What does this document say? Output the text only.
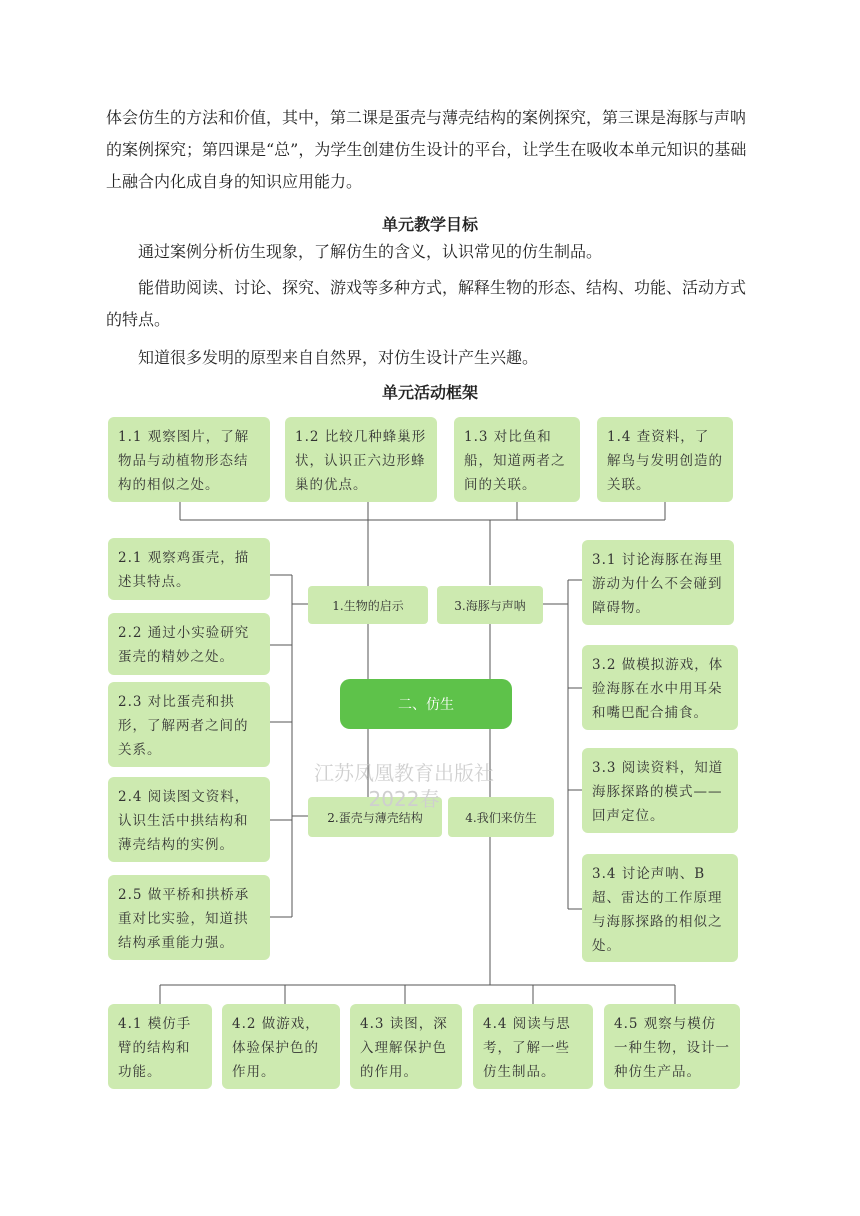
体会仿生的方法和价值，其中，第二课是蛋壳与薄壳结构的案例探究，第三课是海豚与声呐的案例探究；第四课是“总”，为学生创建仿生设计的平台，让学生在吸收本单元知识的基础上融合内化成自身的知识应用能力。

单元教学目标

通过案例分析仿生现象，了解仿生的含义，认识常见的仿生制品。

能借助阅读、讨论、探究、游戏等多种方式，解释生物的形态、结构、功能、活动方式的特点。

知道很多发明的原型来自自然界，对仿生设计产生兴趣。

单元活动框架

1.1 观察图片，了解物品与动植物形态结构的相似之处。
1.2 比较几种蜂巢形状，认识正六边形蜂巢的优点。
1.3 对比鱼和船，知道两者之间的关联。
1.4 查资料，了解鸟与发明创造的关联。
2.1 观察鸡蛋壳，描述其特点。
2.2 通过小实验研究蛋壳的精妙之处。
2.3 对比蛋壳和拱形，了解两者之间的关系。
2.4 阅读图文资料，认识生活中拱结构和薄壳结构的实例。
2.5 做平桥和拱桥承重对比实验，知道拱结构承重能力强。
3.1 讨论海豚在海里游动为什么不会碰到障碍物。
3.2 做模拟游戏，体验海豚在水中用耳朵和嘴巴配合捕食。
3.3 阅读资料，知道海豚探路的模式——回声定位。
3.4 讨论声呐、B超、雷达的工作原理与海豚探路的相似之处。
1.生物的启示	3.海豚与声呐
2.蛋壳与薄壳结构	4.我们来仿生
二、仿生
江苏凤凰教育出版社
2022春
4.1 模仿手臂的结构和功能。
4.2 做游戏，体验保护色的作用。
4.3 读图，深入理解保护色的作用。
4.4 阅读与思考，了解一些仿生制品。
4.5 观察与模仿一种生物，设计一种仿生产品。
